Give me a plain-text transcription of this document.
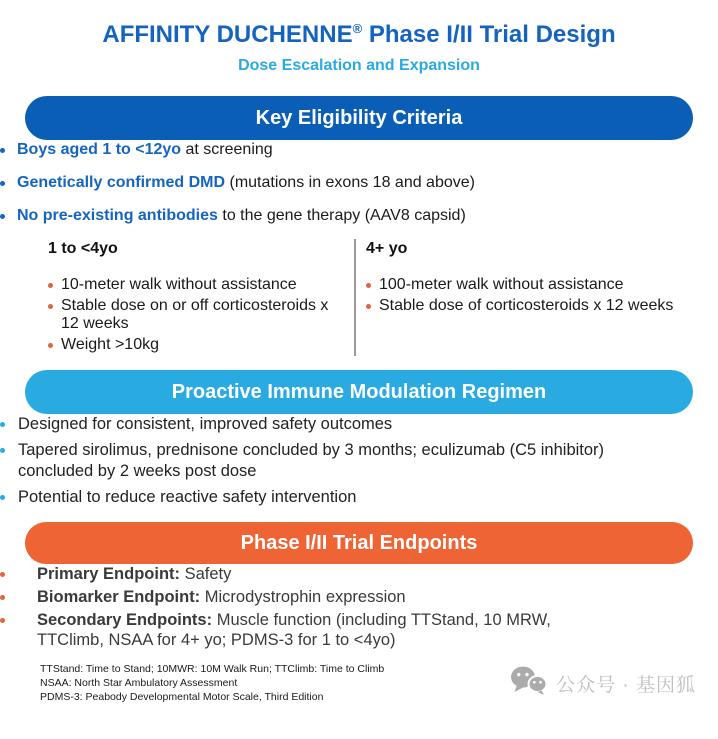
AFFINITY DUCHENNE® Phase I/II Trial Design
Dose Escalation and Expansion
Key Eligibility Criteria
Boys aged 1 to <12yo at screening
Genetically confirmed DMD (mutations in exons 18 and above)
No pre-existing antibodies to the gene therapy (AAV8 capsid)
1 to <4yo
10-meter walk without assistance
Stable dose on or off corticosteroids x 12 weeks
Weight >10kg
4+ yo
100-meter walk without assistance
Stable dose of corticosteroids x 12 weeks
Proactive Immune Modulation Regimen
Designed for consistent, improved safety outcomes
Tapered sirolimus, prednisone concluded by 3 months; eculizumab (C5 inhibitor) concluded by 2 weeks post dose
Potential to reduce reactive safety intervention
Phase I/II Trial Endpoints
Primary Endpoint: Safety
Biomarker Endpoint: Microdystrophin expression
Secondary Endpoints: Muscle function (including TTStand, 10 MRW, TTClimb, NSAA for 4+ yo; PDMS-3 for 1 to <4yo)
TTStand: Time to Stand; 10MWR: 10M Walk Run; TTClimb: Time to Climb
NSAA: North Star Ambulatory Assessment
PDMS-3: Peabody Developmental Motor Scale, Third Edition
公众号 · 基因狐
